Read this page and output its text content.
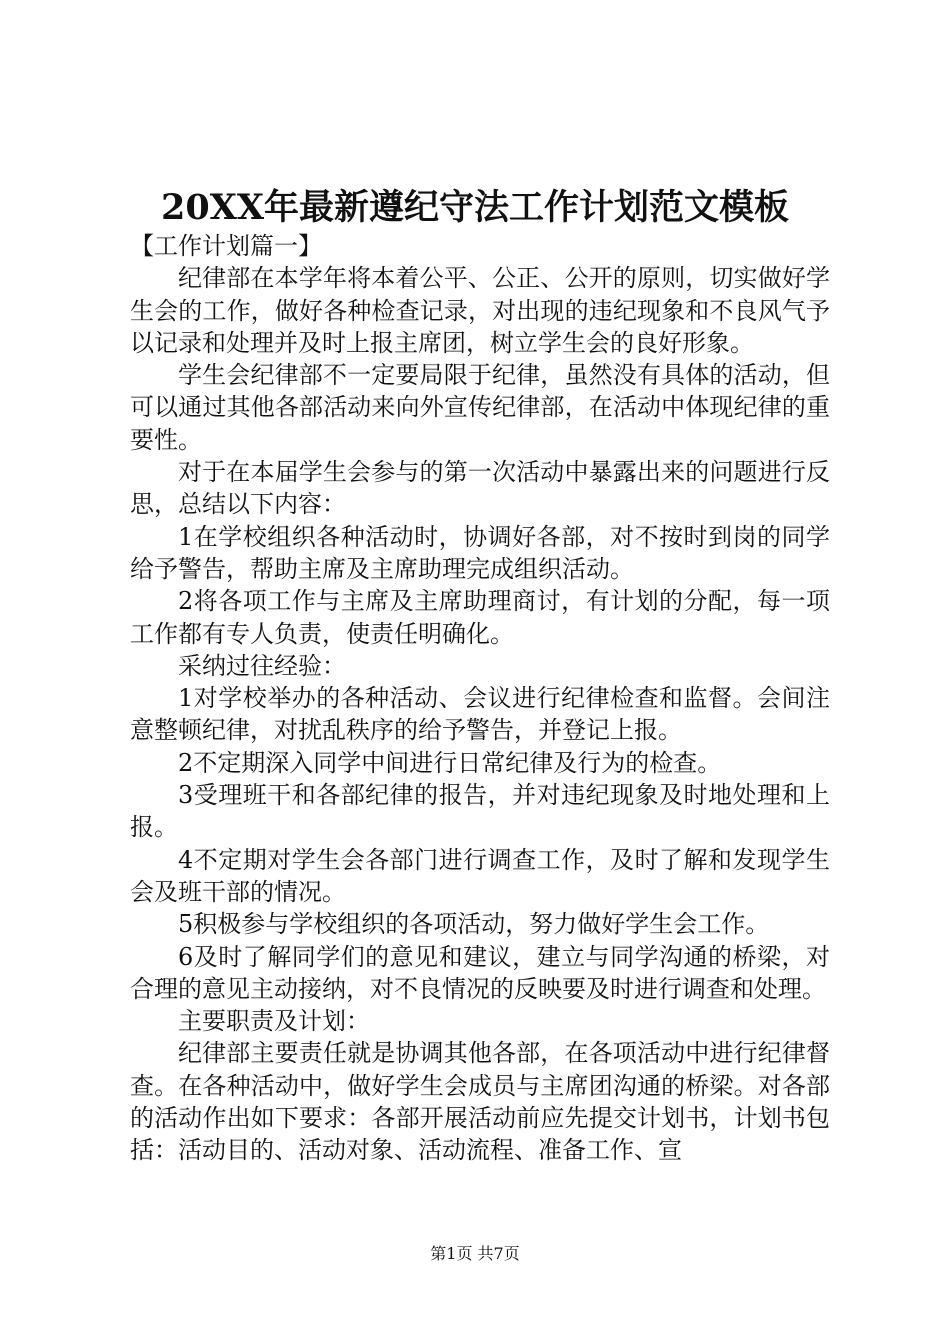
20XX年最新遵纪守法工作计划范文模板

【工作计划篇一】

纪律部在本学年将本着公平、公正、公开的原则，切实做好学生会的工作，做好各种检查记录，对出现的违纪现象和不良风气予以记录和处理并及时上报主席团，树立学生会的良好形象。

学生会纪律部不一定要局限于纪律，虽然没有具体的活动，但可以通过其他各部活动来向外宣传纪律部，在活动中体现纪律的重要性。

对于在本届学生会参与的第一次活动中暴露出来的问题进行反思，总结以下内容：

1在学校组织各种活动时，协调好各部，对不按时到岗的同学给予警告，帮助主席及主席助理完成组织活动。

2将各项工作与主席及主席助理商讨，有计划的分配，每一项工作都有专人负责，使责任明确化。

采纳过往经验：

1对学校举办的各种活动、会议进行纪律检查和监督。会间注意整顿纪律，对扰乱秩序的给予警告，并登记上报。

2不定期深入同学中间进行日常纪律及行为的检查。

3受理班干和各部纪律的报告，并对违纪现象及时地处理和上报。

4不定期对学生会各部门进行调查工作，及时了解和发现学生会及班干部的情况。

5积极参与学校组织的各项活动，努力做好学生会工作。

6及时了解同学们的意见和建议，建立与同学沟通的桥梁，对合理的意见主动接纳，对不良情况的反映要及时进行调查和处理。

主要职责及计划：

纪律部主要责任就是协调其他各部，在各项活动中进行纪律督查。在各种活动中，做好学生会成员与主席团沟通的桥梁。对各部的活动作出如下要求：各部开展活动前应先提交计划书，计划书包括：活动目的、活动对象、活动流程、准备工作、宣

第1页 共7页
